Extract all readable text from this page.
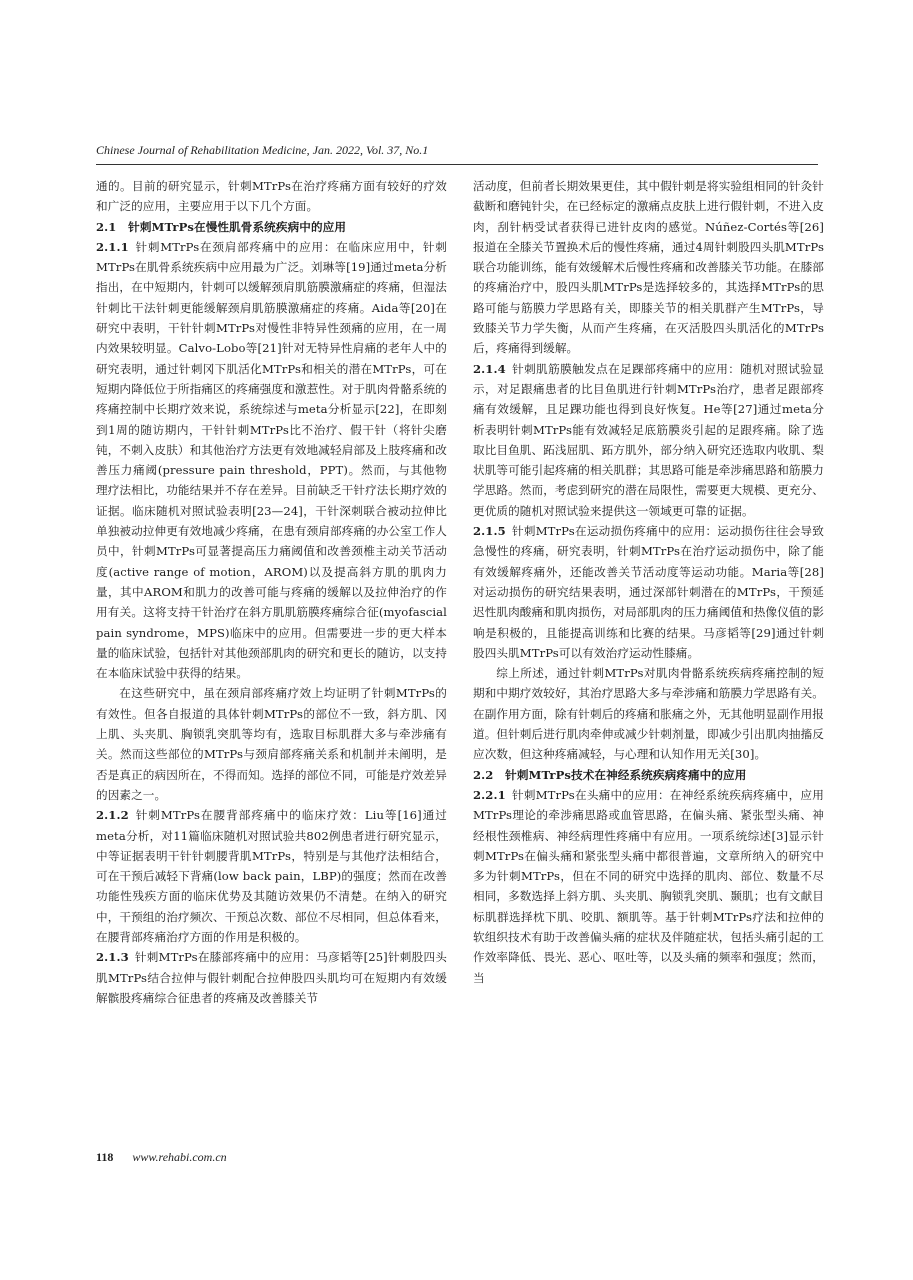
Chinese Journal of Rehabilitation Medicine, Jan. 2022, Vol. 37, No.1

通的。目前的研究显示，针刺MTrPs在治疗疼痛方面有较好的疗效和广泛的应用，主要应用于以下几个方面。

2.1　针刺MTrPs在慢性肌骨系统疾病中的应用

2.1.1 针刺MTrPs在颈肩部疼痛中的应用：在临床应用中，针刺MTrPs在肌骨系统疾病中应用最为广泛。刘琳等[19]通过meta分析指出，在中短期内，针刺可以缓解颈肩肌筋膜激痛症的疼痛，但湿法针刺比干法针刺更能缓解颈肩肌筋膜激痛症的疼痛。Aida等[20]在研究中表明，干针针刺MTrPs对慢性非特异性颈痛的应用，在一周内效果较明显。Calvo-Lobo等[21]针对无特异性肩痛的老年人中的研究表明，通过针刺冈下肌活化MTrPs和相关的潜在MTrPs，可在短期内降低位于所指痛区的疼痛强度和激惹性。对于肌肉骨骼系统的疼痛控制中长期疗效来说，系统综述与meta分析显示[22]，在即刻到1周的随访期内，干针针刺MTrPs比不治疗、假干针（将针尖磨钝，不刺入皮肤）和其他治疗方法更有效地减轻肩部及上肢疼痛和改善压力痛阈(pressure pain threshold，PPT)。然而，与其他物理疗法相比，功能结果并不存在差异。目前缺乏干针疗法长期疗效的证据。临床随机对照试验表明[23—24]，干针深刺联合被动拉伸比单独被动拉伸更有效地减少疼痛，在患有颈肩部疼痛的办公室工作人员中，针刺MTrPs可显著提高压力痛阈值和改善颈椎主动关节活动度(active range of motion，AROM)以及提高斜方肌的肌肉力量，其中AROM和肌力的改善可能与疼痛的缓解以及拉伸治疗的作用有关。这将支持干针治疗在斜方肌肌筋膜疼痛综合征(myofascial pain syndrome，MPS)临床中的应用。但需要进一步的更大样本量的临床试验，包括针对其他颈部肌肉的研究和更长的随访，以支持在本临床试验中获得的结果。

在这些研究中，虽在颈肩部疼痛疗效上均证明了针刺MTrPs的有效性。但各自报道的具体针刺MTrPs的部位不一致，斜方肌、冈上肌、头夹肌、胸锁乳突肌等均有，选取目标肌群大多与牵涉痛有关。然而这些部位的MTrPs与颈肩部疼痛关系和机制并未阐明，是否是真正的病因所在，不得而知。选择的部位不同，可能是疗效差异的因素之一。

2.1.2 针刺MTrPs在腰背部疼痛中的临床疗效：Liu等[16]通过meta分析，对11篇临床随机对照试验共802例患者进行研究显示，中等证据表明干针针刺腰背肌MTrPs，特别是与其他疗法相结合，可在干预后减轻下背痛(low back pain，LBP)的强度；然而在改善功能性残疾方面的临床优势及其随访效果仍不清楚。在纳入的研究中，干预组的治疗频次、干预总次数、部位不尽相同，但总体看来，在腰背部疼痛治疗方面的作用是积极的。

2.1.3 针刺MTrPs在膝部疼痛中的应用：马彦韬等[25]针刺股四头肌MTrPs结合拉伸与假针刺配合拉伸股四头肌均可在短期内有效缓解髌股疼痛综合征患者的疼痛及改善膝关节

活动度，但前者长期效果更佳，其中假针刺是将实验组相同的针灸针截断和磨钝针尖，在已经标定的激痛点皮肤上进行假针刺，不进入皮肉，刮针柄受试者获得已进针皮肉的感觉。Núñez-Cortés等[26]报道在全膝关节置换术后的慢性疼痛，通过4周针刺股四头肌MTrPs联合功能训练，能有效缓解术后慢性疼痛和改善膝关节功能。在膝部的疼痛治疗中，股四头肌MTrPs是选择较多的，其选择MTrPs的思路可能与筋膜力学思路有关，即膝关节的相关肌群产生MTrPs，导致膝关节力学失衡，从而产生疼痛，在灭活股四头肌活化的MTrPs后，疼痛得到缓解。

2.1.4 针刺肌筋膜触发点在足踝部疼痛中的应用：随机对照试验显示，对足跟痛患者的比目鱼肌进行针刺MTrPs治疗，患者足跟部疼痛有效缓解，且足踝功能也得到良好恢复。He等[27]通过meta分析表明针刺MTrPs能有效减轻足底筋膜炎引起的足跟疼痛。除了选取比目鱼肌、跖浅屈肌、跖方肌外，部分纳入研究还选取内收肌、梨状肌等可能引起疼痛的相关肌群；其思路可能是牵涉痛思路和筋膜力学思路。然而，考虑到研究的潜在局限性，需要更大规模、更充分、更优质的随机对照试验来提供这一领域更可靠的证据。

2.1.5 针刺MTrPs在运动损伤疼痛中的应用：运动损伤往往会导致急慢性的疼痛，研究表明，针刺MTrPs在治疗运动损伤中，除了能有效缓解疼痛外，还能改善关节活动度等运动功能。Maria等[28]对运动损伤的研究结果表明，通过深部针刺潜在的MTrPs，干预延迟性肌肉酸痛和肌肉损伤，对局部肌肉的压力痛阈值和热像仪值的影响是积极的，且能提高训练和比赛的结果。马彦韬等[29]通过针刺股四头肌MTrPs可以有效治疗运动性膝痛。

综上所述，通过针刺MTrPs对肌肉骨骼系统疾病疼痛控制的短期和中期疗效较好，其治疗思路大多与牵涉痛和筋膜力学思路有关。在副作用方面，除有针刺后的疼痛和胀痛之外，无其他明显副作用报道。但针刺后进行肌肉牵伸或减少针刺剂量，即减少引出肌肉抽搐反应次数，但这种疼痛减轻，与心理和认知作用无关[30]。

2.2　针刺MTrPs技术在神经系统疾病疼痛中的应用

2.2.1 针刺MTrPs在头痛中的应用：在神经系统疾病疼痛中，应用MTrPs理论的牵涉痛思路或血管思路，在偏头痛、紧张型头痛、神经根性颈椎病、神经病理性疼痛中有应用。一项系统综述[3]显示针刺MTrPs在偏头痛和紧张型头痛中都很普遍，文章所纳入的研究中多为针刺MTrPs，但在不同的研究中选择的肌肉、部位、数量不尽相同，多数选择上斜方肌、头夹肌、胸锁乳突肌、颞肌；也有文献目标肌群选择枕下肌、咬肌、额肌等。基于针刺MTrPs疗法和拉伸的软组织技术有助于改善偏头痛的症状及伴随症状，包括头痛引起的工作效率降低、畏光、恶心、呕吐等，以及头痛的频率和强度；然而，当

118 www.rehabi.com.cn
